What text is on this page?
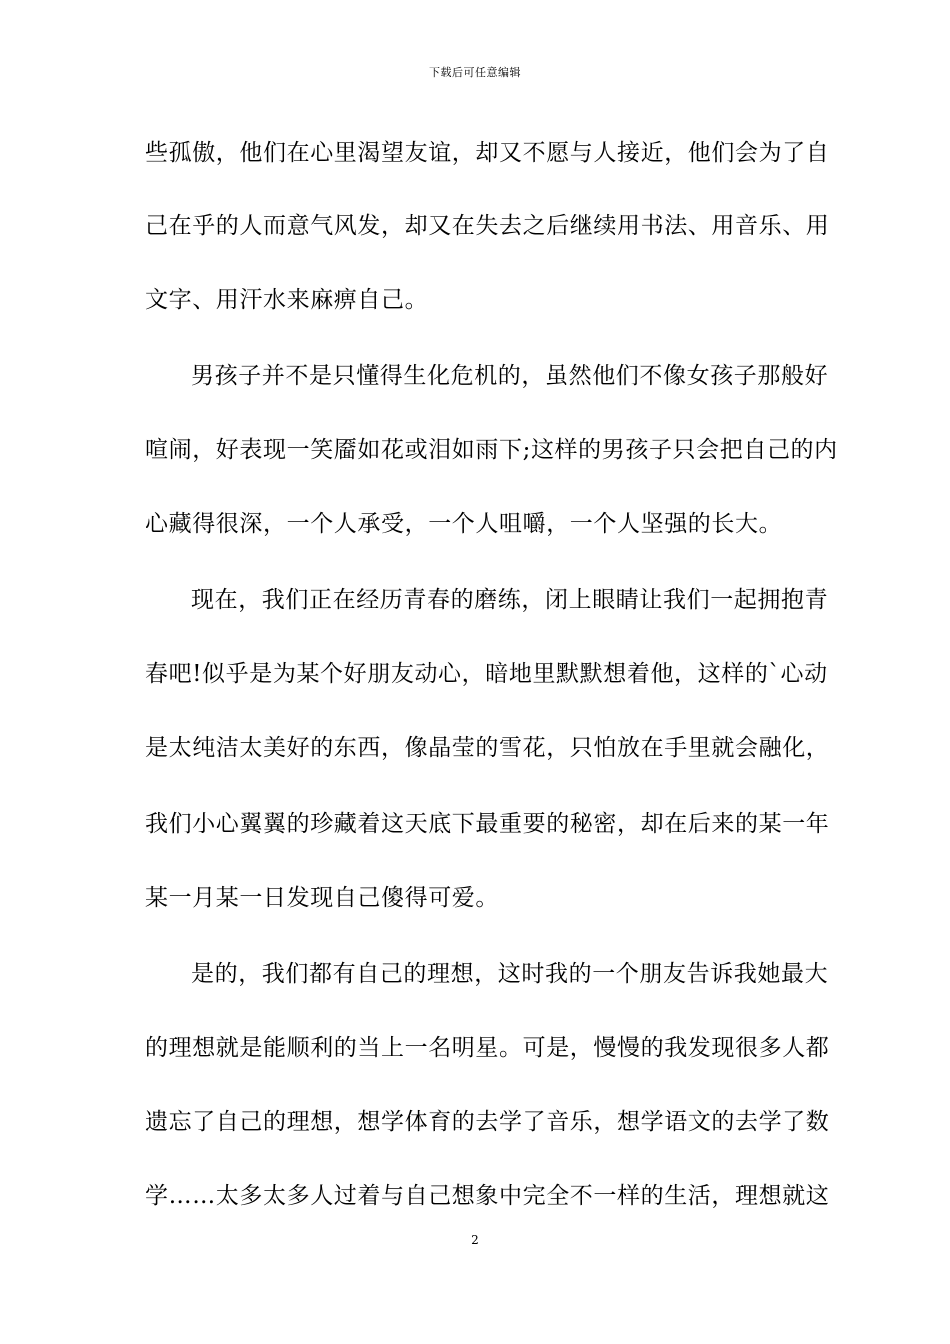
下载后可任意编辑
些孤傲，他们在心里渴望友谊，却又不愿与人接近，他们会为了自
己在乎的人而意气风发，却又在失去之后继续用书法、用音乐、用
文字、用汗水来麻痹自己。
男孩子并不是只懂得生化危机的，虽然他们不像女孩子那般好
喧闹，好表现一笑靥如花或泪如雨下;这样的男孩子只会把自己的内
心藏得很深，一个人承受，一个人咀嚼，一个人坚强的长大。
现在，我们正在经历青春的磨练，闭上眼睛让我们一起拥抱青
春吧!似乎是为某个好朋友动心，暗地里默默想着他，这样的`心动
是太纯洁太美好的东西，像晶莹的雪花，只怕放在手里就会融化，
我们小心翼翼的珍藏着这天底下最重要的秘密，却在后来的某一年
某一月某一日发现自己傻得可爱。
是的，我们都有自己的理想，这时我的一个朋友告诉我她最大
的理想就是能顺利的当上一名明星。可是，慢慢的我发现很多人都
遗忘了自己的理想，想学体育的去学了音乐，想学语文的去学了数
学……太多太多人过着与自己想象中完全不一样的生活，理想就这
2
